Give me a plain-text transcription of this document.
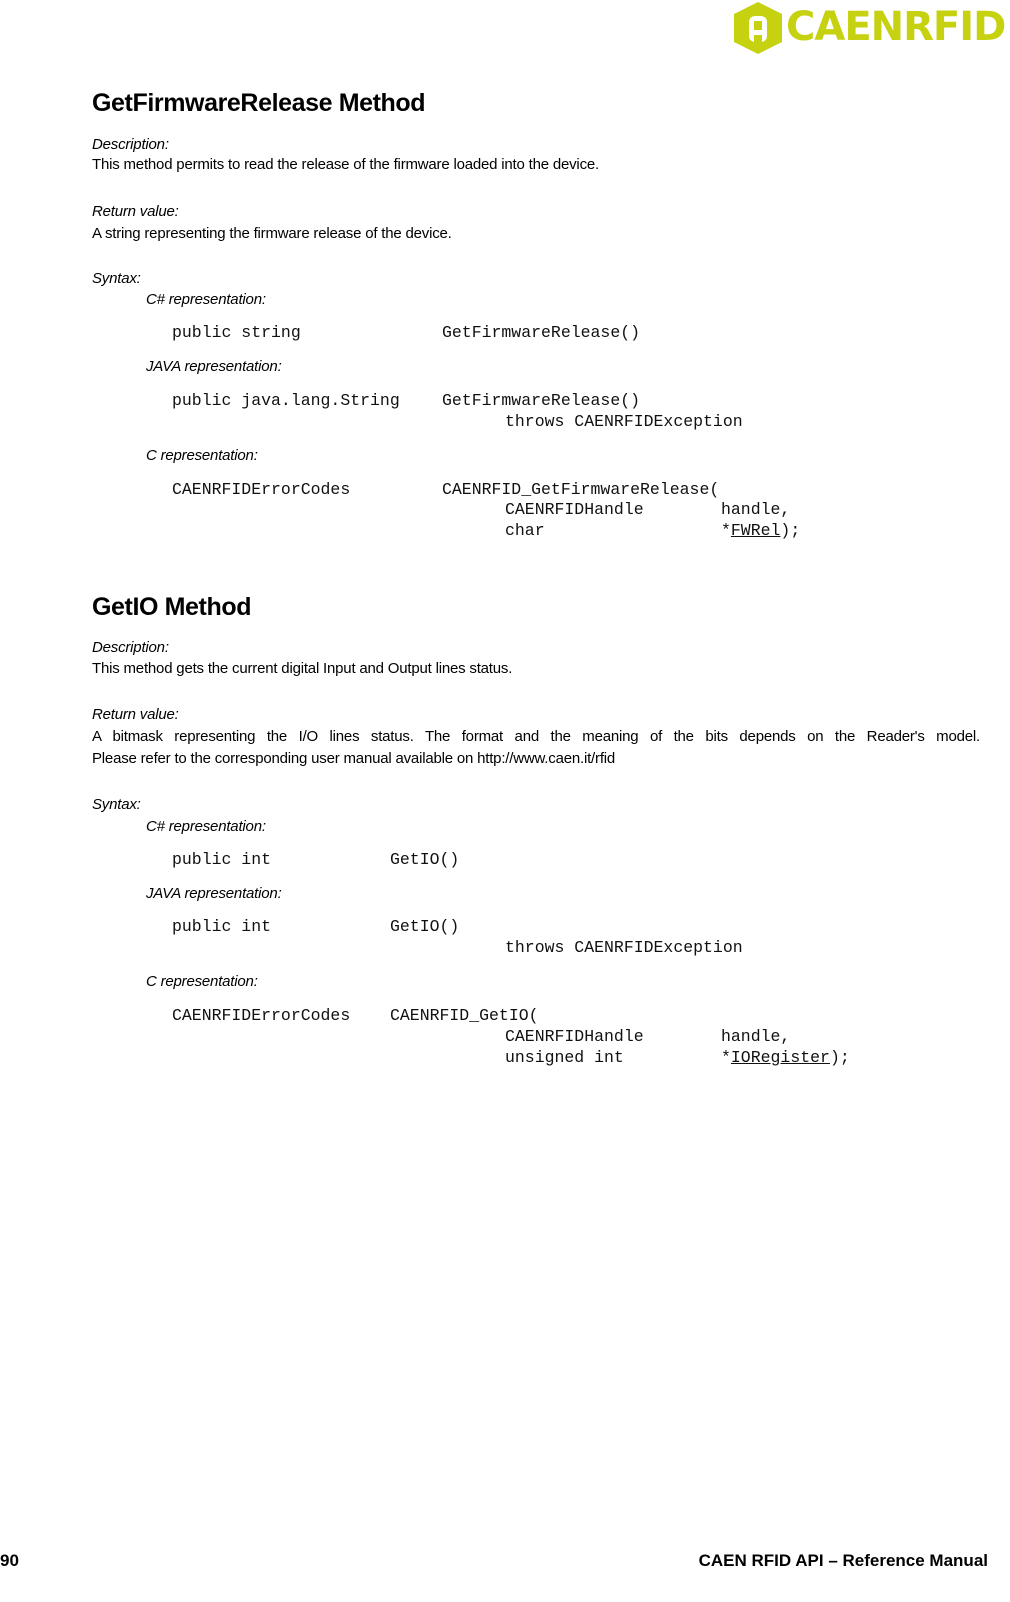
CAENRFID
GetFirmwareRelease Method
Description:
This method permits to read the release of the firmware loaded into the device.
Return value:
A string representing the firmware release of the device.
Syntax:
C# representation:
public string	GetFirmwareRelease()
JAVA representation:
public java.lang.String	GetFirmwareRelease()
throws CAENRFIDException
C representation:
CAENRFIDErrorCodes	CAENRFID_GetFirmwareRelease(
CAENRFIDHandle	handle,
char	*FWRel);
GetIO Method
Description:
This method gets the current digital Input and Output lines status.
Return value:
A bitmask representing the I/O lines status. The format and the meaning of the bits depends on the Reader's model.
Please refer to the corresponding user manual available on http://www.caen.it/rfid
Syntax:
C# representation:
public int	GetIO()
JAVA representation:
public int	GetIO()
throws CAENRFIDException
C representation:
CAENRFIDErrorCodes CAENRFID_GetIO(
CAENRFIDHandle	handle,
unsigned int	*IORegister);
90	CAEN RFID API – Reference Manual
